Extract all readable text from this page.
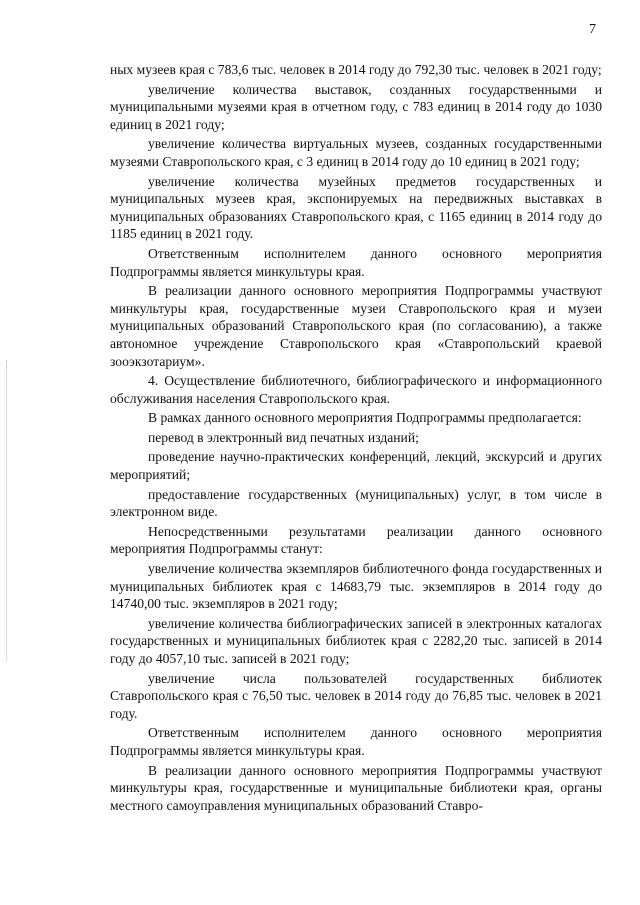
7

ных музеев края с 783,6 тыс. человек в 2014 году до 792,30 тыс. человек в 2021 году;

увеличение количества выставок, созданных государственными и муниципальными музеями края в отчетном году, с 783 единиц в 2014 году до 1030 единиц в 2021 году;

увеличение количества виртуальных музеев, созданных государственными музеями Ставропольского края, с 3 единиц в 2014 году до 10 единиц в 2021 году;

увеличение количества музейных предметов государственных и муниципальных музеев края, экспонируемых на передвижных выставках в муниципальных образованиях Ставропольского края, с 1165 единиц в 2014 году до 1185 единиц в 2021 году.

Ответственным исполнителем данного основного мероприятия Подпрограммы является минкультуры края.

В реализации данного основного мероприятия Подпрограммы участвуют минкультуры края, государственные музеи Ставропольского края и музеи муниципальных образований Ставропольского края (по согласованию), а также автономное учреждение Ставропольского края «Ставропольский краевой зооэкзотариум».

4. Осуществление библиотечного, библиографического и информационного обслуживания населения Ставропольского края.

В рамках данного основного мероприятия Подпрограммы предполагается:

перевод в электронный вид печатных изданий;

проведение научно-практических конференций, лекций, экскурсий и других мероприятий;

предоставление государственных (муниципальных) услуг, в том числе в электронном виде.

Непосредственными результатами реализации данного основного мероприятия Подпрограммы станут:

увеличение количества экземпляров библиотечного фонда государственных и муниципальных библиотек края с 14683,79 тыс. экземпляров в 2014 году до 14740,00 тыс. экземпляров в 2021 году;

увеличение количества библиографических записей в электронных каталогах государственных и муниципальных библиотек края с 2282,20 тыс. записей в 2014 году до 4057,10 тыс. записей в 2021 году;

увеличение числа пользователей государственных библиотек Ставропольского края с 76,50 тыс. человек в 2014 году до 76,85 тыс. человек в 2021 году.

Ответственным исполнителем данного основного мероприятия Подпрограммы является минкультуры края.

В реализации данного основного мероприятия Подпрограммы участвуют минкультуры края, государственные и муниципальные библиотеки края, органы местного самоуправления муниципальных образований Ставро-
